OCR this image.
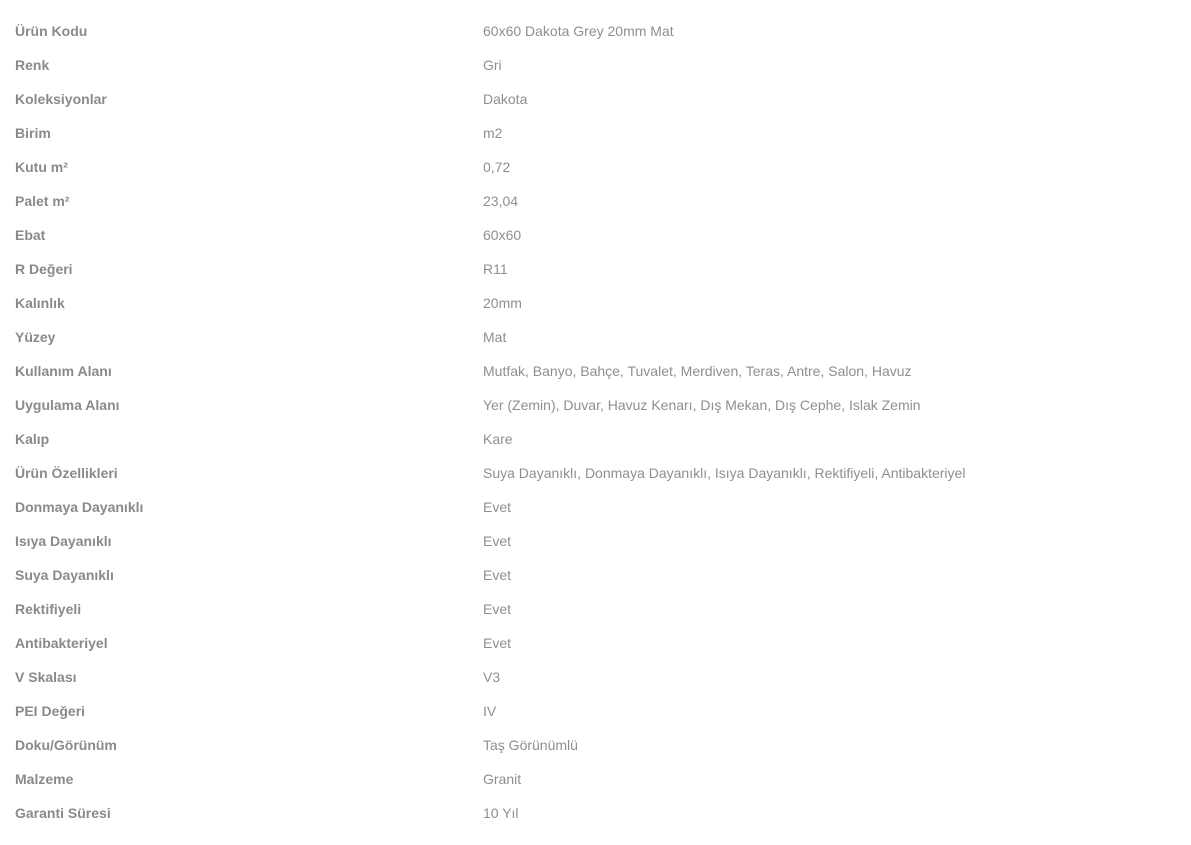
Ürün Kodu	60x60 Dakota Grey 20mm Mat
Renk	Gri
Koleksiyonlar	Dakota
Birim	m2
Kutu m²	0,72
Palet m²	23,04
Ebat	60x60
R Değeri	R11
Kalınlık	20mm
Yüzey	Mat
Kullanım Alanı	Mutfak, Banyo, Bahçe, Tuvalet, Merdiven, Teras, Antre, Salon, Havuz
Uygulama Alanı	Yer (Zemin), Duvar, Havuz Kenarı, Dış Mekan, Dış Cephe, Islak Zemin
Kalıp	Kare
Ürün Özellikleri	Suya Dayanıklı, Donmaya Dayanıklı, Isıya Dayanıklı, Rektifiyeli, Antibakteriyel
Donmaya Dayanıklı	Evet
Isıya Dayanıklı	Evet
Suya Dayanıklı	Evet
Rektifiyeli	Evet
Antibakteriyel	Evet
V Skalası	V3
PEI Değeri	IV
Doku/Görünüm	Taş Görünümlü
Malzeme	Granit
Garanti Süresi	10 Yıl
